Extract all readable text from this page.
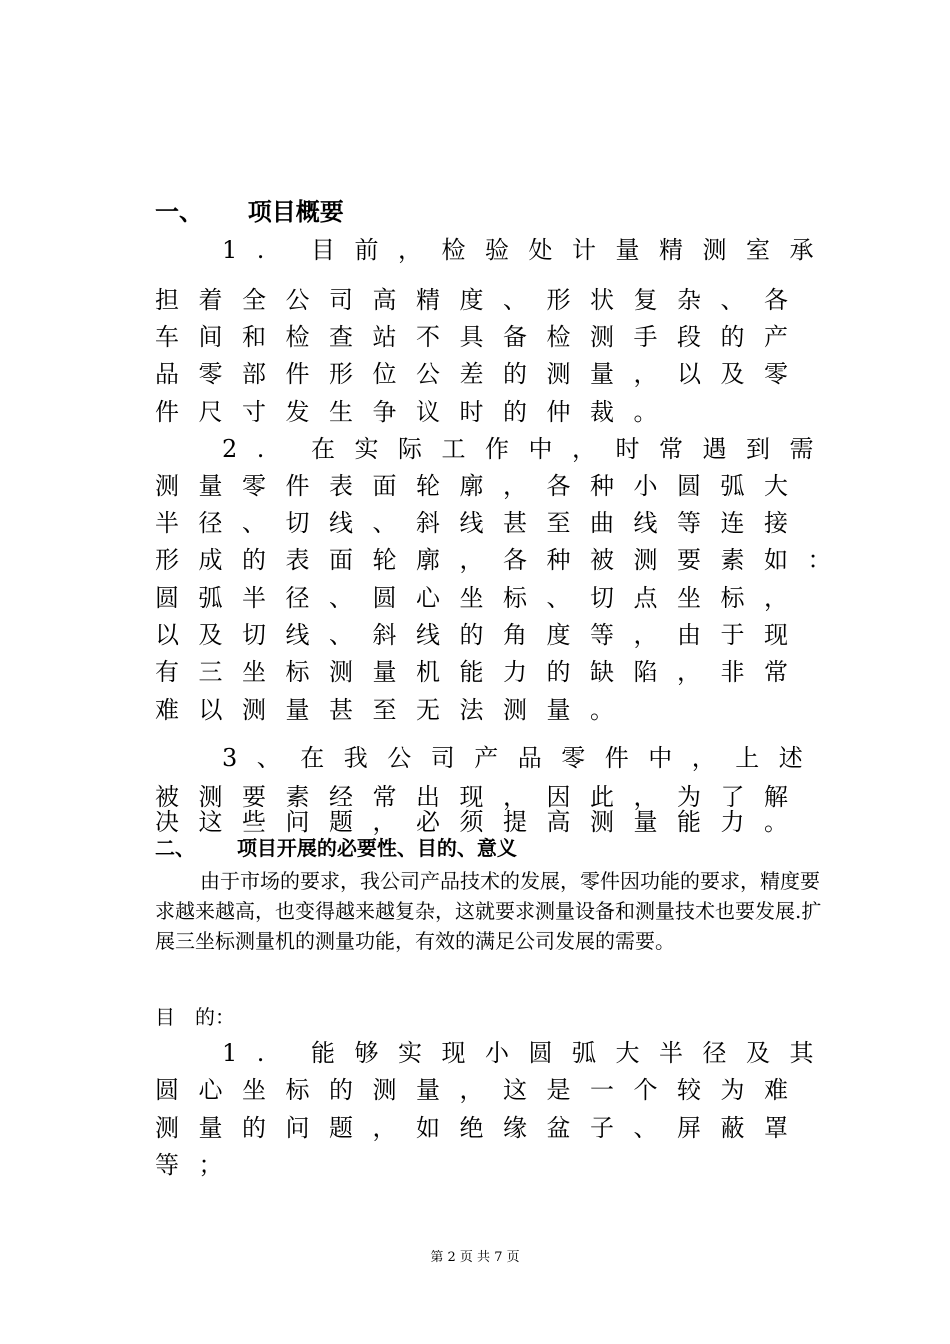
一、 项目概要
1. 目前，检验处计量精测室承
担着全公司高精度、形状复杂、各
车间和检查站不具备检测手段的产
品零部件形位公差的测量，以及零
件尺寸发生争议时的仲裁。
2. 在实际工作中，时常遇到需
测量零件表面轮廓，各种小圆弧大
半径、切线、斜线甚至曲线等连接
形成的表面轮廓，各种被测要素如：
圆弧半径、圆心坐标、切点坐标，
以及切线、斜线的角度等，由于现
有三坐标测量机能力的缺陷，非常
难以测量甚至无法测量。
3、在我公司产品零件中，上述
被测要素经常出现，因此，为了解
决这些问题，必须提高测量能力。
二、 项目开展的必要性、目的、意义

由于市场的要求，我公司产品技术的发展，零件因功能的要求，精度要求越来越高，也变得越来越复杂，这就要求测量设备和测量技术也要发展.扩展三坐标测量机的测量功能，有效的满足公司发展的需要。

目　的：
1. 能够实现小圆弧大半径及其
圆心坐标的测量，这是一个较为难
测量的问题，如绝缘盆子、屏蔽罩
等；
第 2 页 共 7 页
